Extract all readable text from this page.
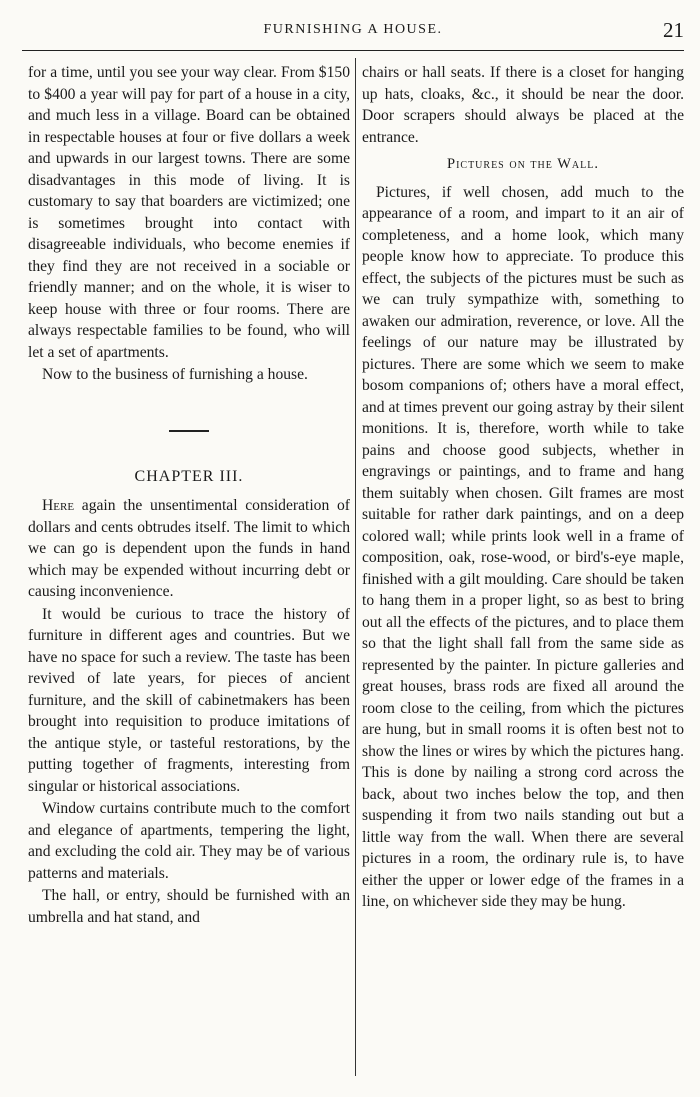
FURNISHING A HOUSE.	21

for a time, until you see your way clear. From $150 to $400 a year will pay for part of a house in a city, and much less in a village. Board can be obtained in respectable houses at four or five dollars a week and upwards in our largest towns. There are some disadvantages in this mode of living. It is customary to say that boarders are victimized; one is sometimes brought into contact with disagreeable individuals, who become enemies if they find they are not received in a sociable or friendly manner; and on the whole, it is wiser to keep house with three or four rooms. There are always respectable families to be found, who will let a set of apartments.

Now to the business of furnishing a house.

CHAPTER III.

Here again the unsentimental consideration of dollars and cents obtrudes itself. The limit to which we can go is dependent upon the funds in hand which may be expended without incurring debt or causing inconvenience.

It would be curious to trace the history of furniture in different ages and countries. But we have no space for such a review. The taste has been revived of late years, for pieces of ancient furniture, and the skill of cabinetmakers has been brought into requisition to produce imitations of the antique style, or tasteful restorations, by the putting together of fragments, interesting from singular or historical associations.

Window curtains contribute much to the comfort and elegance of apartments, tempering the light, and excluding the cold air. They may be of various patterns and materials.

The hall, or entry, should be furnished with an umbrella and hat stand, and

chairs or hall seats. If there is a closet for hanging up hats, cloaks, &c., it should be near the door. Door scrapers should always be placed at the entrance.

Pictures on the Wall.

Pictures, if well chosen, add much to the appearance of a room, and impart to it an air of completeness, and a home look, which many people know how to appreciate. To produce this effect, the subjects of the pictures must be such as we can truly sympathize with, something to awaken our admiration, reverence, or love. All the feelings of our nature may be illustrated by pictures. There are some which we seem to make bosom companions of; others have a moral effect, and at times prevent our going astray by their silent monitions. It is, therefore, worth while to take pains and choose good subjects, whether in engravings or paintings, and to frame and hang them suitably when chosen. Gilt frames are most suitable for rather dark paintings, and on a deep colored wall; while prints look well in a frame of composition, oak, rose-wood, or bird's-eye maple, finished with a gilt moulding. Care should be taken to hang them in a proper light, so as best to bring out all the effects of the pictures, and to place them so that the light shall fall from the same side as represented by the painter. In picture galleries and great houses, brass rods are fixed all around the room close to the ceiling, from which the pictures are hung, but in small rooms it is often best not to show the lines or wires by which the pictures hang. This is done by nailing a strong cord across the back, about two inches below the top, and then suspending it from two nails standing out but a little way from the wall. When there are several pictures in a room, the ordinary rule is, to have either the upper or lower edge of the frames in a line, on whichever side they may be hung.
